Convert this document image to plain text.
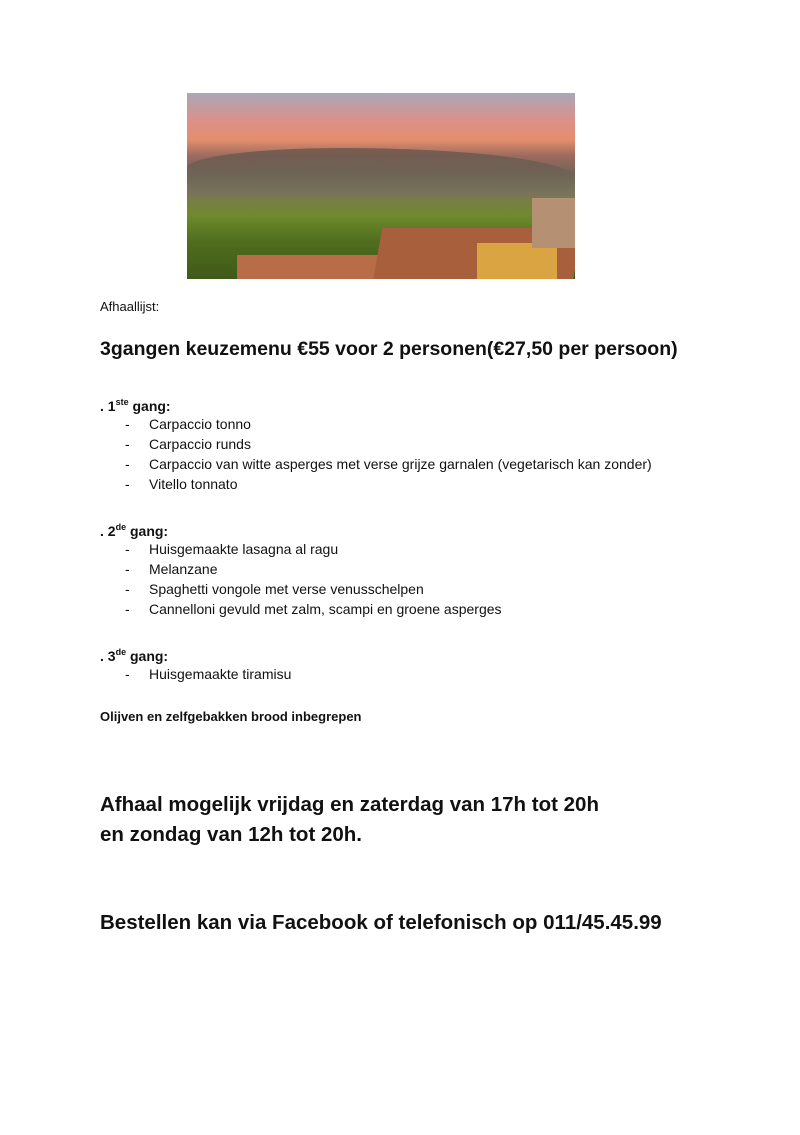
Afhaallijst:
3gangen keuzemenu €55 voor 2 personen(€27,50 per persoon)
. 1ste gang:
- Carpaccio tonno
- Carpaccio runds
- Carpaccio van witte asperges met verse grijze garnalen (vegetarisch kan zonder)
- Vitello tonnato
. 2de gang:
- Huisgemaakte lasagna al ragu
- Melanzane
- Spaghetti vongole met verse venusschelpen
- Cannelloni gevuld met zalm, scampi en groene asperges
. 3de gang:
- Huisgemaakte tiramisu
Olijven en zelfgebakken brood inbegrepen
Afhaal mogelijk vrijdag en zaterdag van 17h tot 20h
en zondag van 12h tot 20h.
Bestellen kan via Facebook of telefonisch op 011/45.45.99
